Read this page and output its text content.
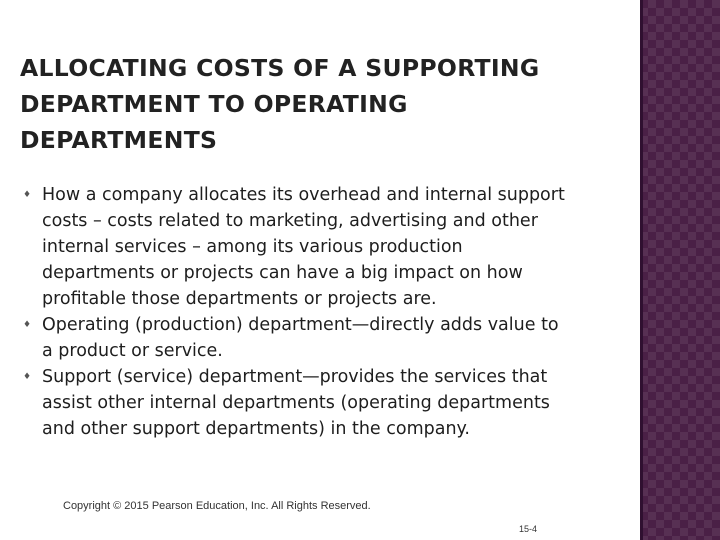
ALLOCATING COSTS OF A SUPPORTING
DEPARTMENT TO OPERATING
DEPARTMENTS
♦ How a company allocates its overhead and internal support
costs – costs related to marketing, advertising and other
internal services – among its various production
departments or projects can have a big impact on how
profitable those departments or projects are.
♦ Operating (production) department—directly adds value to
a product or service.
♦ Support (service) department—provides the services that
assist other internal departments (operating departments
and other support departments) in the company.
Copyright © 2015 Pearson Education, Inc. All Rights Reserved.
15-4
